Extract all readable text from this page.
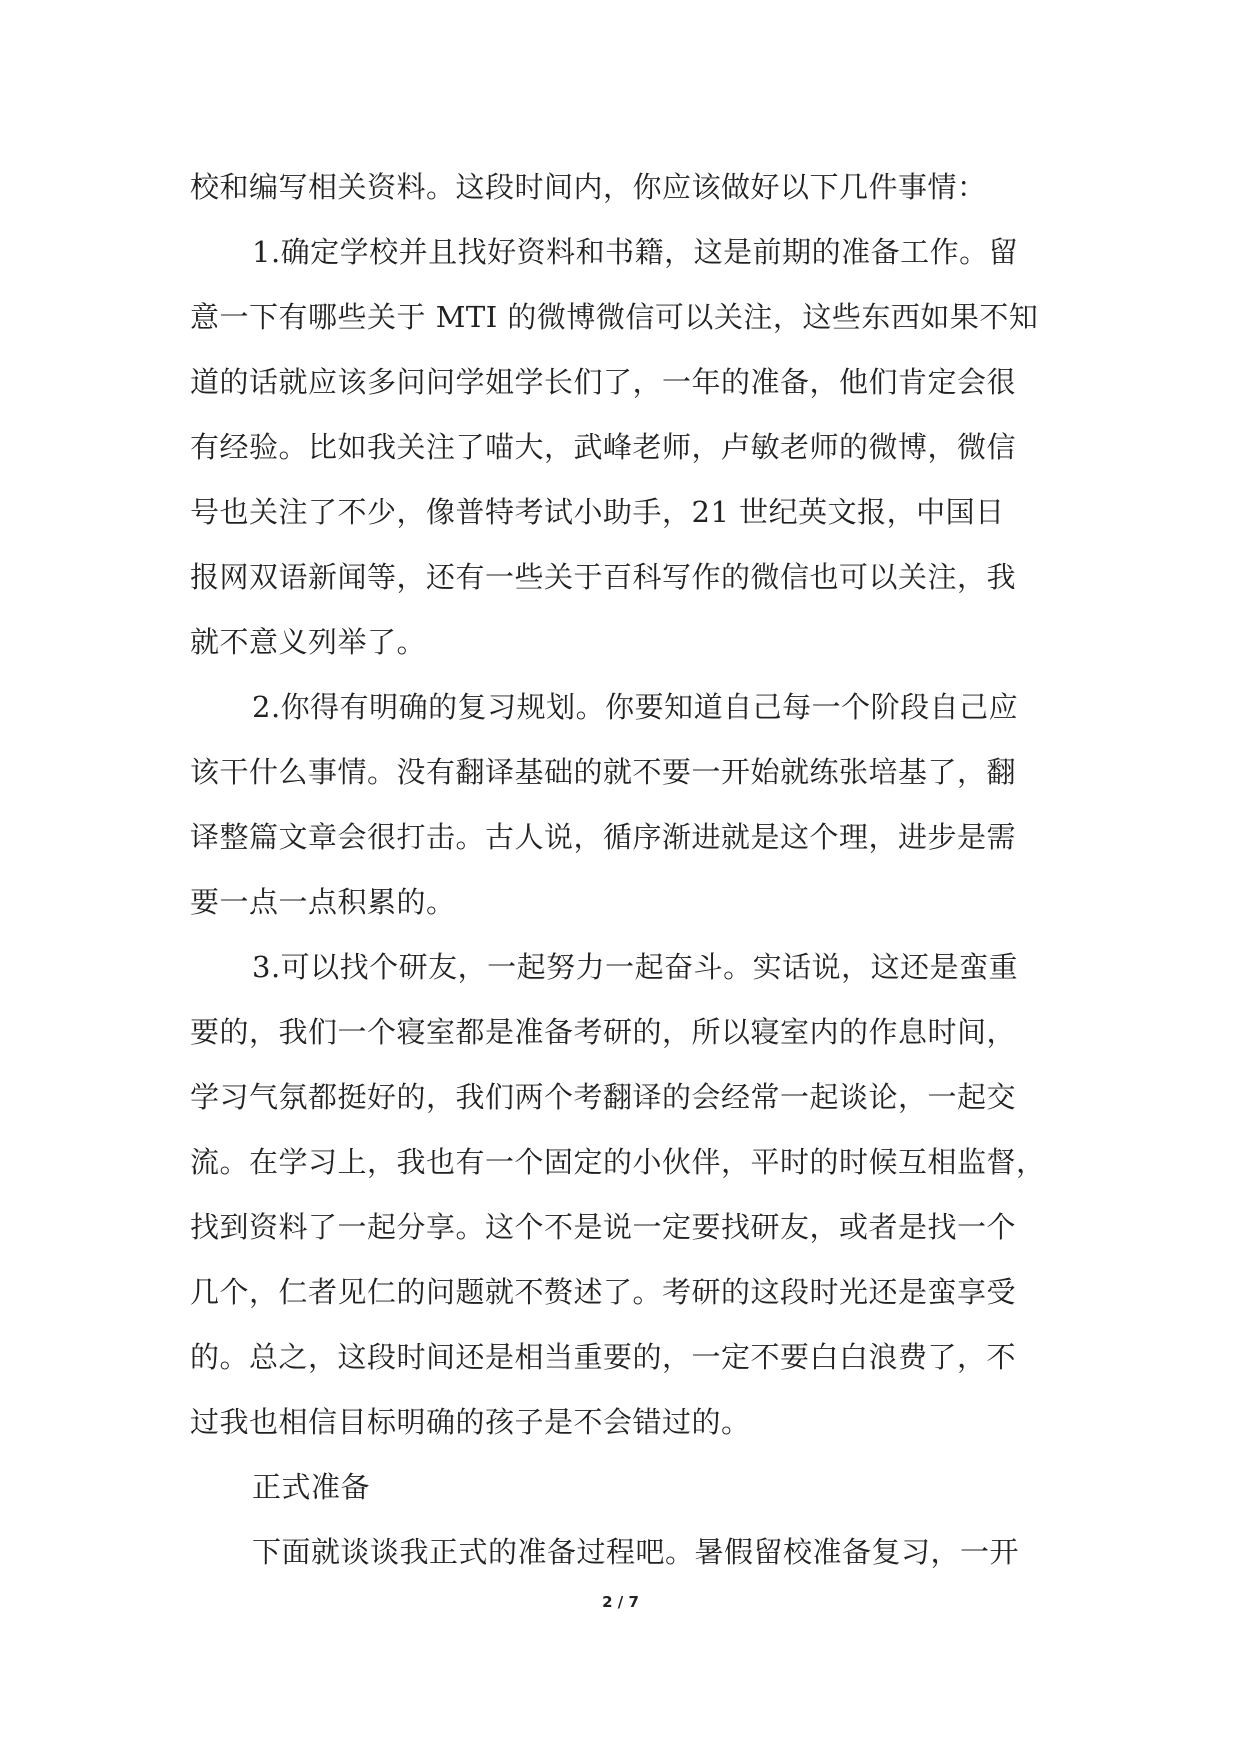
校和编写相关资料。这段时间内，你应该做好以下几件事情：
1.确定学校并且找好资料和书籍，这是前期的准备工作。留
意一下有哪些关于 MTI 的微博微信可以关注，这些东西如果不知
道的话就应该多问问学姐学长们了，一年的准备，他们肯定会很
有经验。比如我关注了喵大，武峰老师，卢敏老师的微博，微信
号也关注了不少，像普特考试小助手，21 世纪英文报，中国日
报网双语新闻等，还有一些关于百科写作的微信也可以关注，我
就不意义列举了。
2.你得有明确的复习规划。你要知道自己每一个阶段自己应
该干什么事情。没有翻译基础的就不要一开始就练张培基了，翻
译整篇文章会很打击。古人说，循序渐进就是这个理，进步是需
要一点一点积累的。
3.可以找个研友，一起努力一起奋斗。实话说，这还是蛮重
要的，我们一个寝室都是准备考研的，所以寝室内的作息时间，
学习气氛都挺好的，我们两个考翻译的会经常一起谈论，一起交
流。在学习上，我也有一个固定的小伙伴，平时的时候互相监督，
找到资料了一起分享。这个不是说一定要找研友，或者是找一个
几个，仁者见仁的问题就不赘述了。考研的这段时光还是蛮享受
的。总之，这段时间还是相当重要的，一定不要白白浪费了，不
过我也相信目标明确的孩子是不会错过的。
正式准备
下面就谈谈我正式的准备过程吧。暑假留校准备复习，一开
2 / 7
